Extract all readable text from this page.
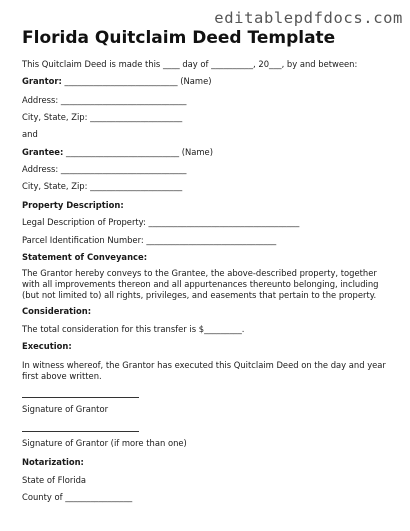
editablepdfdocs.com
Florida Quitclaim Deed Template
This Quitclaim Deed is made this ____ day of __________, 20___, by and between:
Grantor: ___________________________ (Name)
Address: ______________________________
City, State, Zip: ______________________
and
Grantee: ___________________________ (Name)
Address: ______________________________
City, State, Zip: ______________________
Property Description:
Legal Description of Property: ____________________________________
Parcel Identification Number: _______________________________
Statement of Conveyance:
The Grantor hereby conveys to the Grantee, the above-described property, together with all improvements thereon and all appurtenances thereunto belonging, including (but not limited to) all rights, privileges, and easements that pertain to the property.
Consideration:
The total consideration for this transfer is $_________.
Execution:
In witness whereof, the Grantor has executed this Quitclaim Deed on the day and year first above written.
Signature of Grantor
Signature of Grantor (if more than one)
Notarization:
State of Florida
County of ________________
